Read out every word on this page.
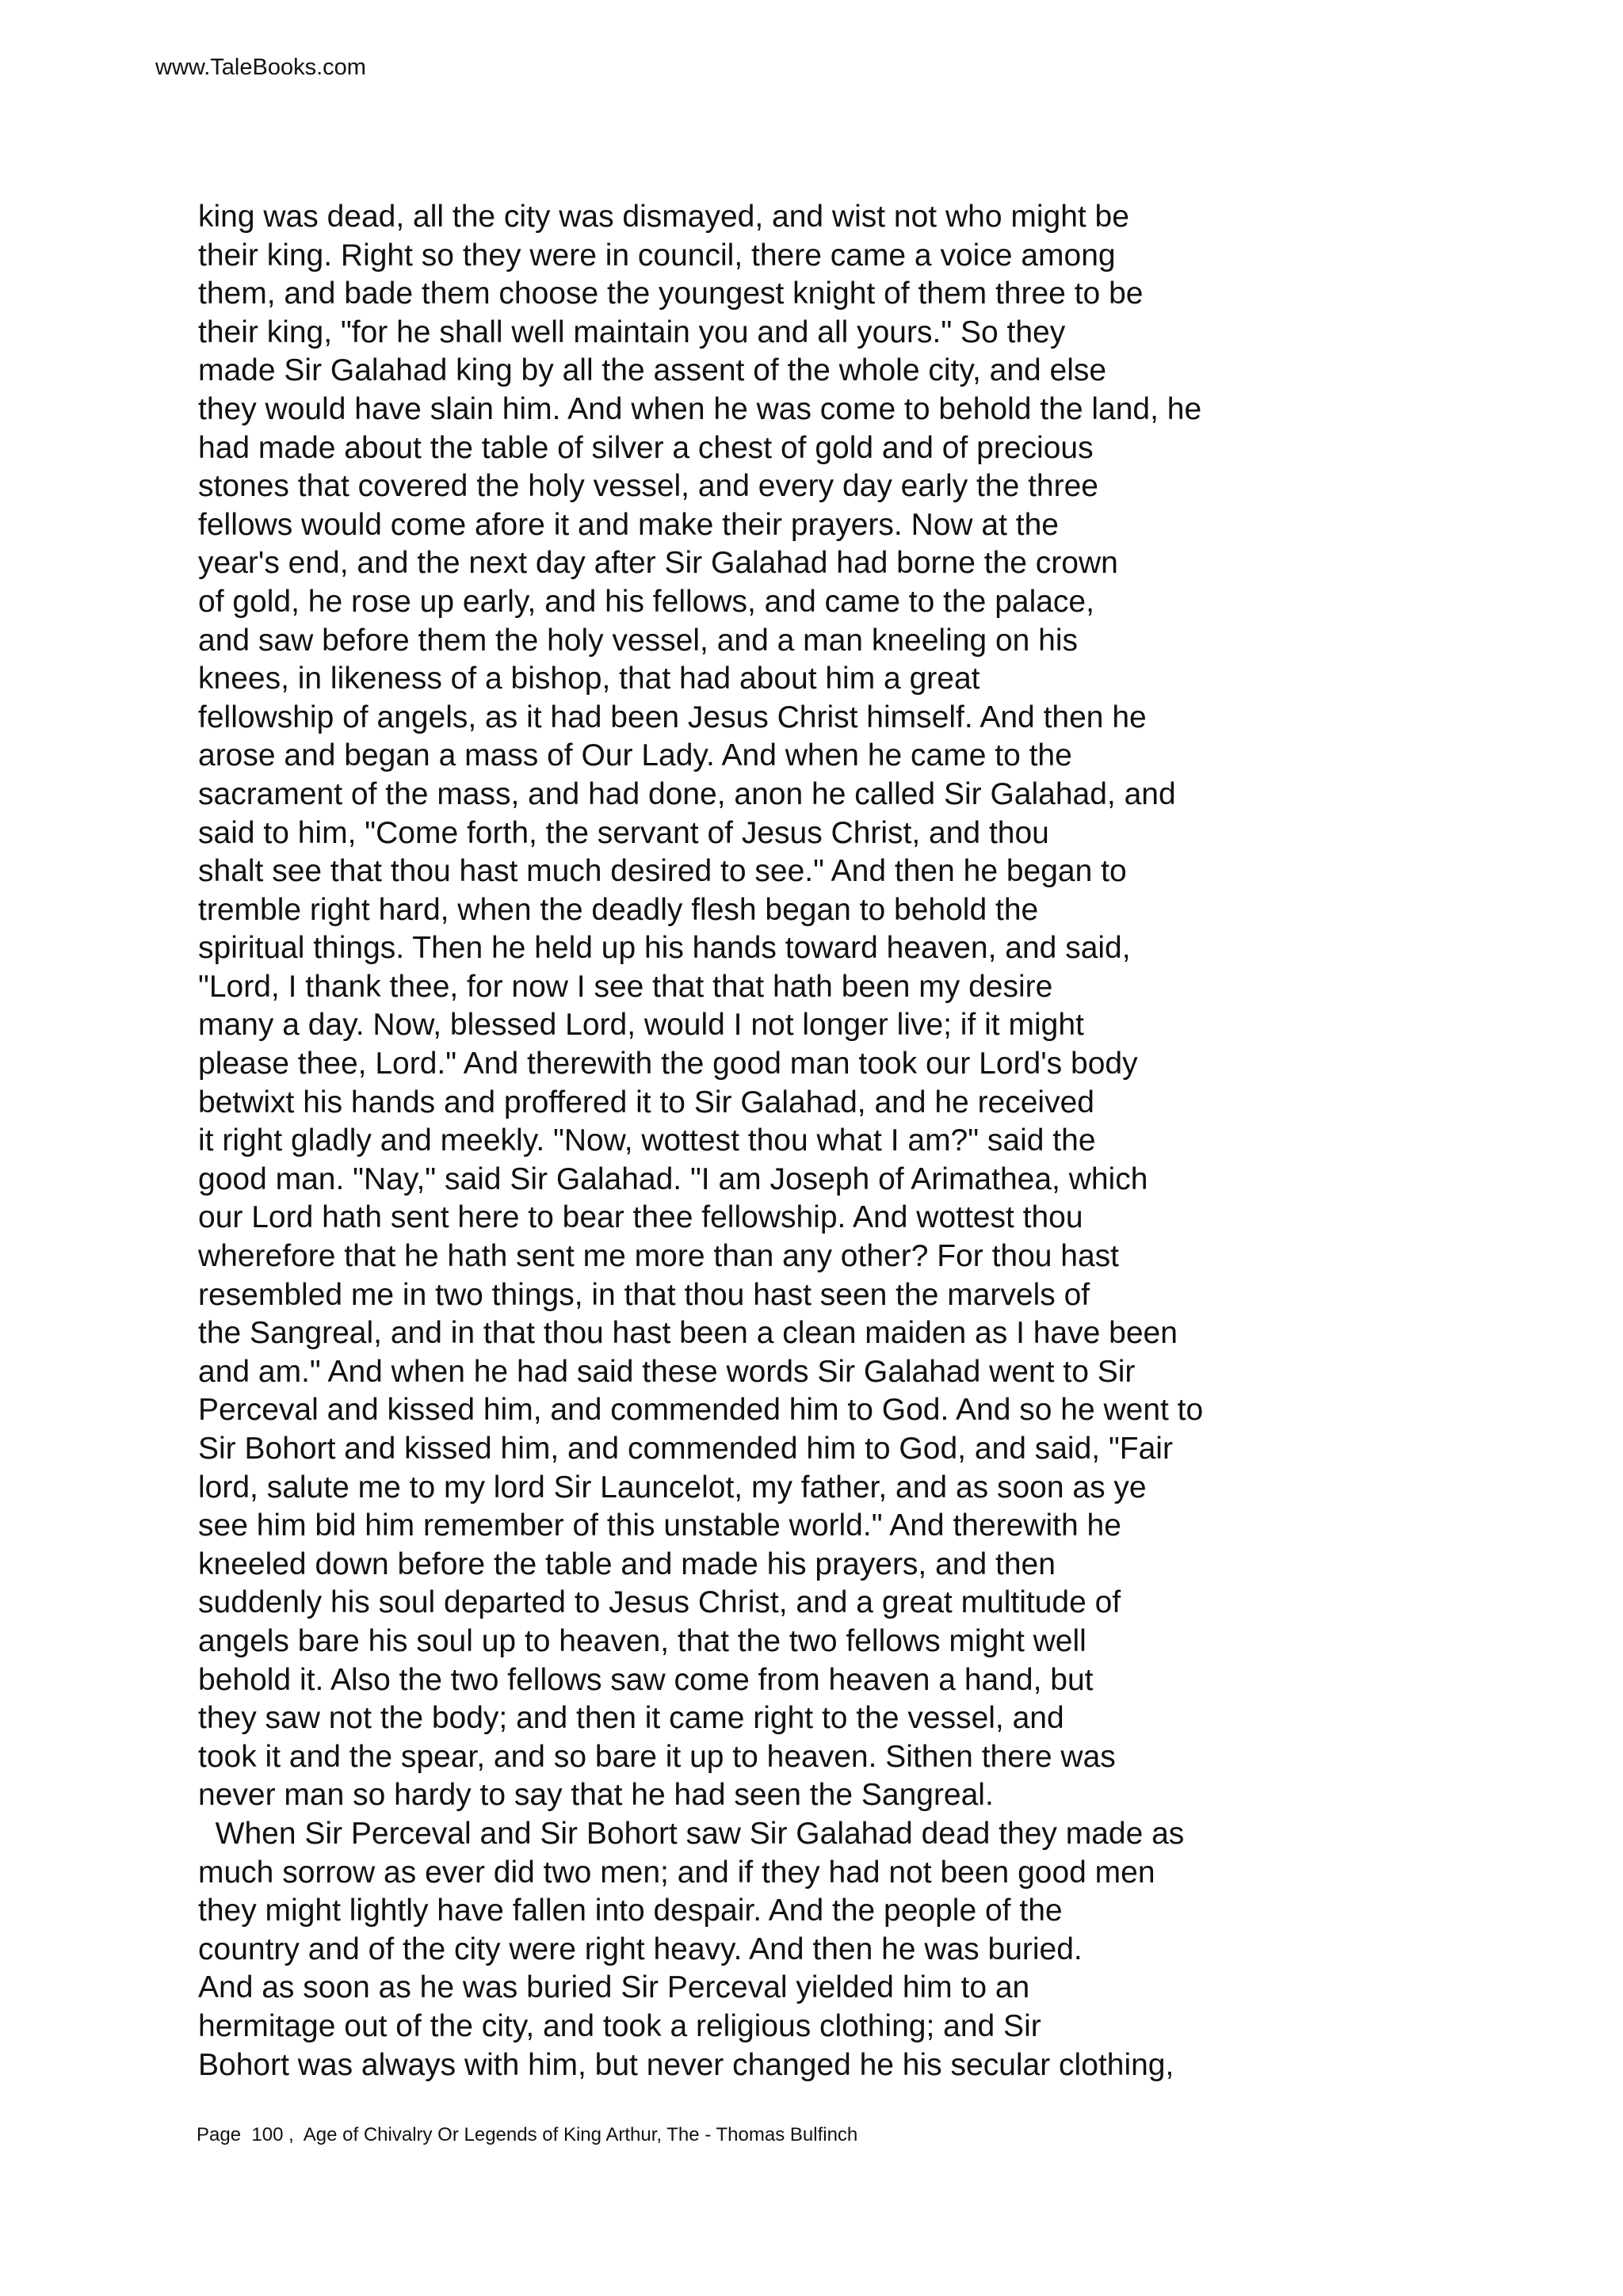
www.TaleBooks.com
king was dead, all the city was dismayed, and wist not who might be
their king. Right so they were in council, there came a voice among
them, and bade them choose the youngest knight of them three to be
their king, "for he shall well maintain you and all yours." So they
made Sir Galahad king by all the assent of the whole city, and else
they would have slain him. And when he was come to behold the land, he
had made about the table of silver a chest of gold and of precious
stones that covered the holy vessel, and every day early the three
fellows would come afore it and make their prayers. Now at the
year's end, and the next day after Sir Galahad had borne the crown
of gold, he rose up early, and his fellows, and came to the palace,
and saw before them the holy vessel, and a man kneeling on his
knees, in likeness of a bishop, that had about him a great
fellowship of angels, as it had been Jesus Christ himself. And then he
arose and began a mass of Our Lady. And when he came to the
sacrament of the mass, and had done, anon he called Sir Galahad, and
said to him, "Come forth, the servant of Jesus Christ, and thou
shalt see that thou hast much desired to see." And then he began to
tremble right hard, when the deadly flesh began to behold the
spiritual things. Then he held up his hands toward heaven, and said,
"Lord, I thank thee, for now I see that that hath been my desire
many a day. Now, blessed Lord, would I not longer live; if it might
please thee, Lord." And therewith the good man took our Lord's body
betwixt his hands and proffered it to Sir Galahad, and he received
it right gladly and meekly. "Now, wottest thou what I am?" said the
good man. "Nay," said Sir Galahad. "I am Joseph of Arimathea, which
our Lord hath sent here to bear thee fellowship. And wottest thou
wherefore that he hath sent me more than any other? For thou hast
resembled me in two things, in that thou hast seen the marvels of
the Sangreal, and in that thou hast been a clean maiden as I have been
and am." And when he had said these words Sir Galahad went to Sir
Perceval and kissed him, and commended him to God. And so he went to
Sir Bohort and kissed him, and commended him to God, and said, "Fair
lord, salute me to my lord Sir Launcelot, my father, and as soon as ye
see him bid him remember of this unstable world." And therewith he
kneeled down before the table and made his prayers, and then
suddenly his soul departed to Jesus Christ, and a great multitude of
angels bare his soul up to heaven, that the two fellows might well
behold it. Also the two fellows saw come from heaven a hand, but
they saw not the body; and then it came right to the vessel, and
took it and the spear, and so bare it up to heaven. Sithen there was
never man so hardy to say that he had seen the Sangreal.
When Sir Perceval and Sir Bohort saw Sir Galahad dead they made as
much sorrow as ever did two men; and if they had not been good men
they might lightly have fallen into despair. And the people of the
country and of the city were right heavy. And then he was buried.
And as soon as he was buried Sir Perceval yielded him to an
hermitage out of the city, and took a religious clothing; and Sir
Bohort was always with him, but never changed he his secular clothing,
Page  100 ,  Age of Chivalry Or Legends of King Arthur, The - Thomas Bulfinch
